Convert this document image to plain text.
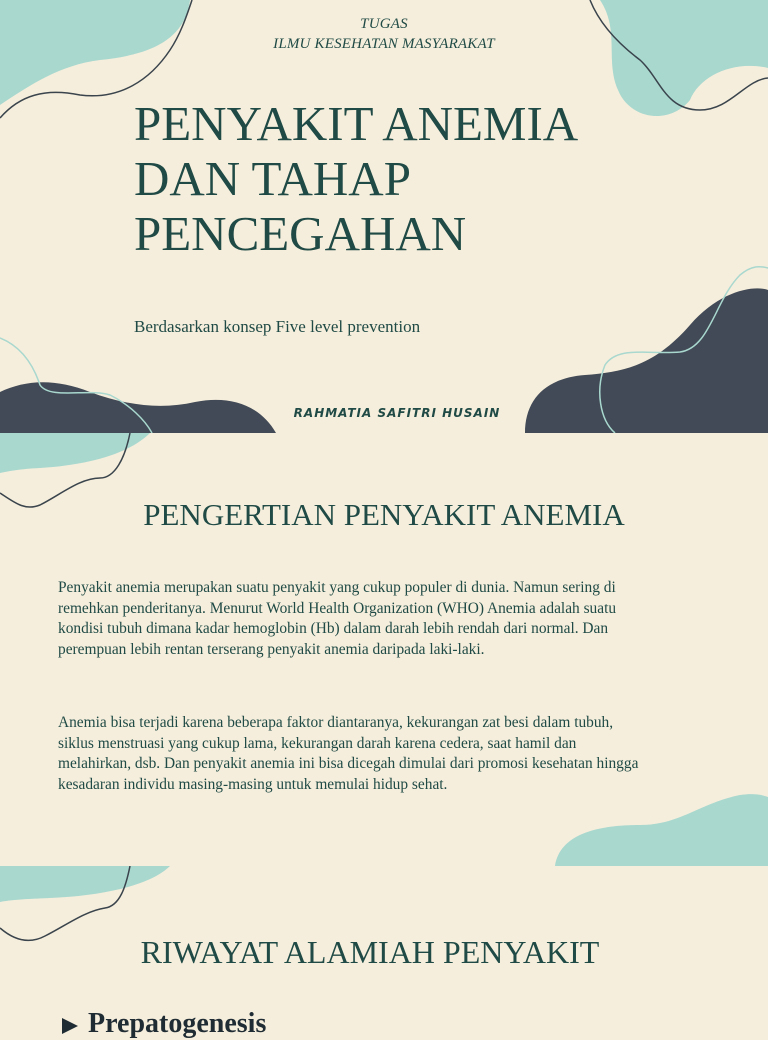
TUGAS
ILMU KESEHATAN MASYARAKAT
PENYAKIT ANEMIA
DAN TAHAP
PENCEGAHAN
Berdasarkan konsep Five level prevention
RAHMATIA SAFITRI HUSAIN
PENGERTIAN PENYAKIT ANEMIA

Penyakit anemia merupakan suatu penyakit yang cukup populer di dunia. Namun sering di remehkan penderitanya. Menurut World Health Organization (WHO) Anemia adalah suatu kondisi tubuh dimana kadar hemoglobin (Hb) dalam darah lebih rendah dari normal. Dan perempuan lebih rentan terserang penyakit anemia daripada laki-laki.

Anemia bisa terjadi karena beberapa faktor diantaranya, kekurangan zat besi dalam tubuh, siklus menstruasi yang cukup lama, kekurangan darah karena cedera, saat hamil dan melahirkan, dsb. Dan penyakit anemia ini bisa dicegah dimulai dari promosi kesehatan hingga kesadaran individu masing-masing untuk memulai hidup sehat.

RIWAYAT ALAMIAH PENYAKIT
Prepatogenesis
